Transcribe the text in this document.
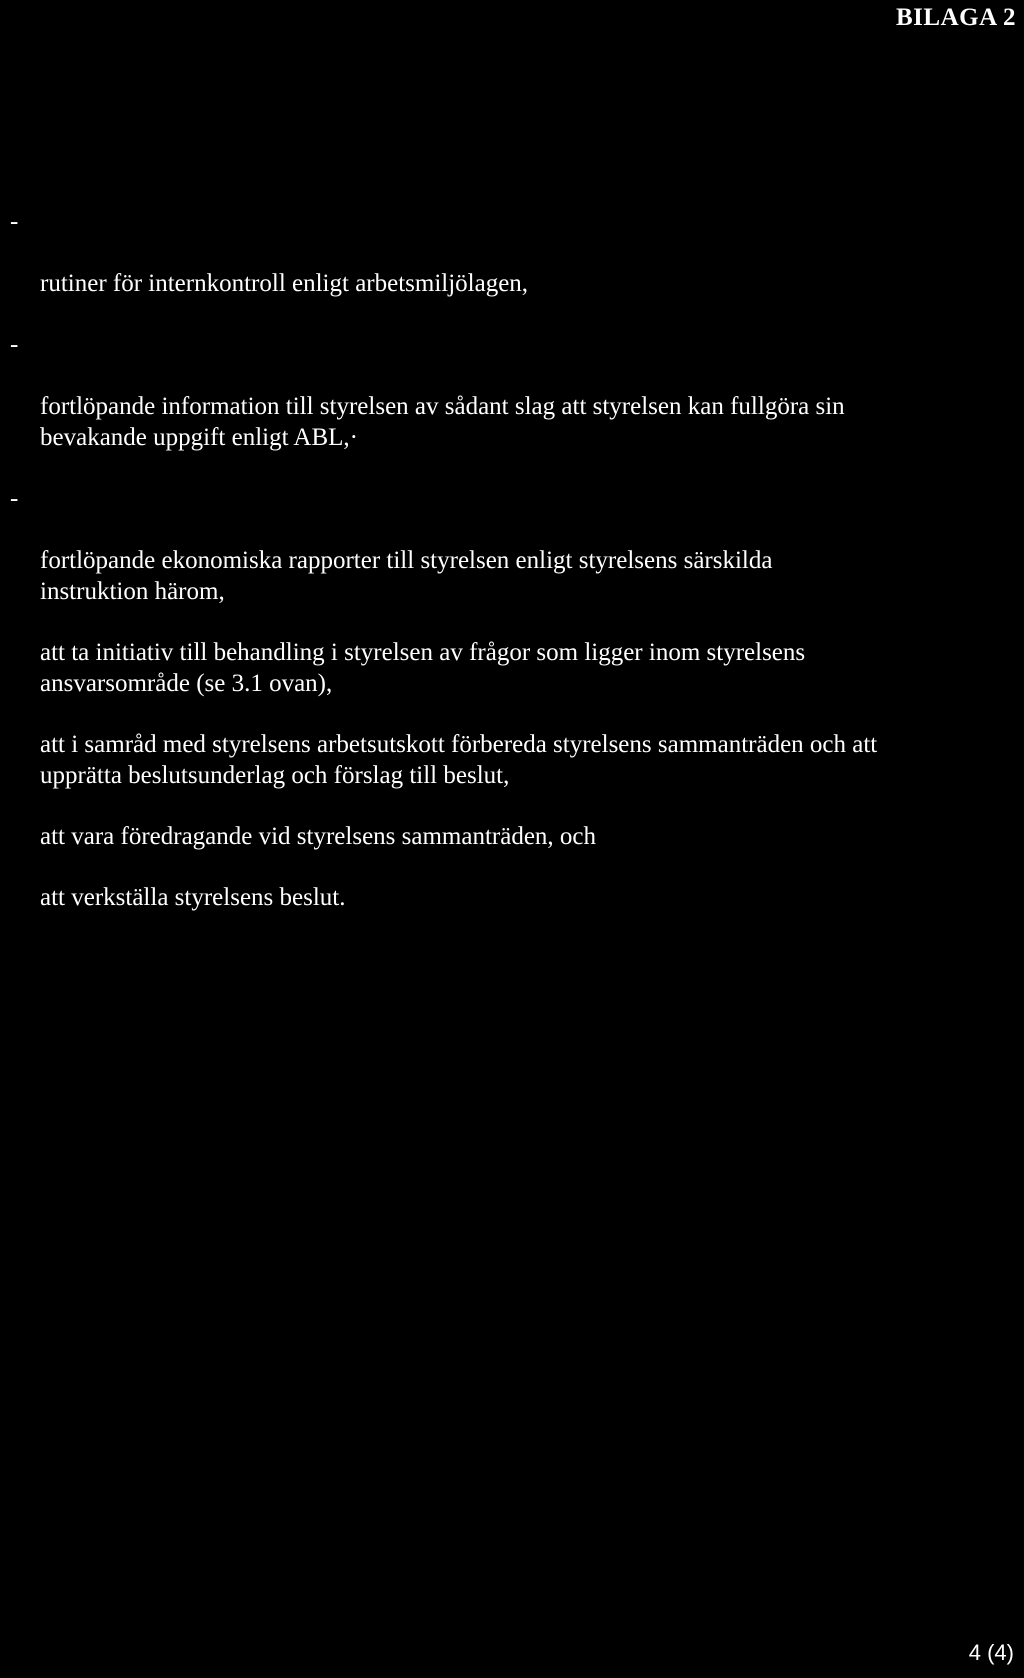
BILAGA 2

-

rutiner för internkontroll enligt arbetsmiljölagen,

-

fortlöpande information till styrelsen av sådant slag att styrelsen kan fullgöra sin
bevakande uppgift enligt ABL,·

-

fortlöpande ekonomiska rapporter till styrelsen enligt styrelsens särskilda
instruktion härom,

att ta initiativ till behandling i styrelsen av frågor som ligger inom styrelsens
ansvarsområde (se 3.1 ovan),
att i samråd med styrelsens arbetsutskott förbereda styrelsens sammanträden och att
upprätta beslutsunderlag och förslag till beslut,
att vara föredragande vid styrelsens sammanträden, och
att verkställa styrelsens beslut.
4 (4)
